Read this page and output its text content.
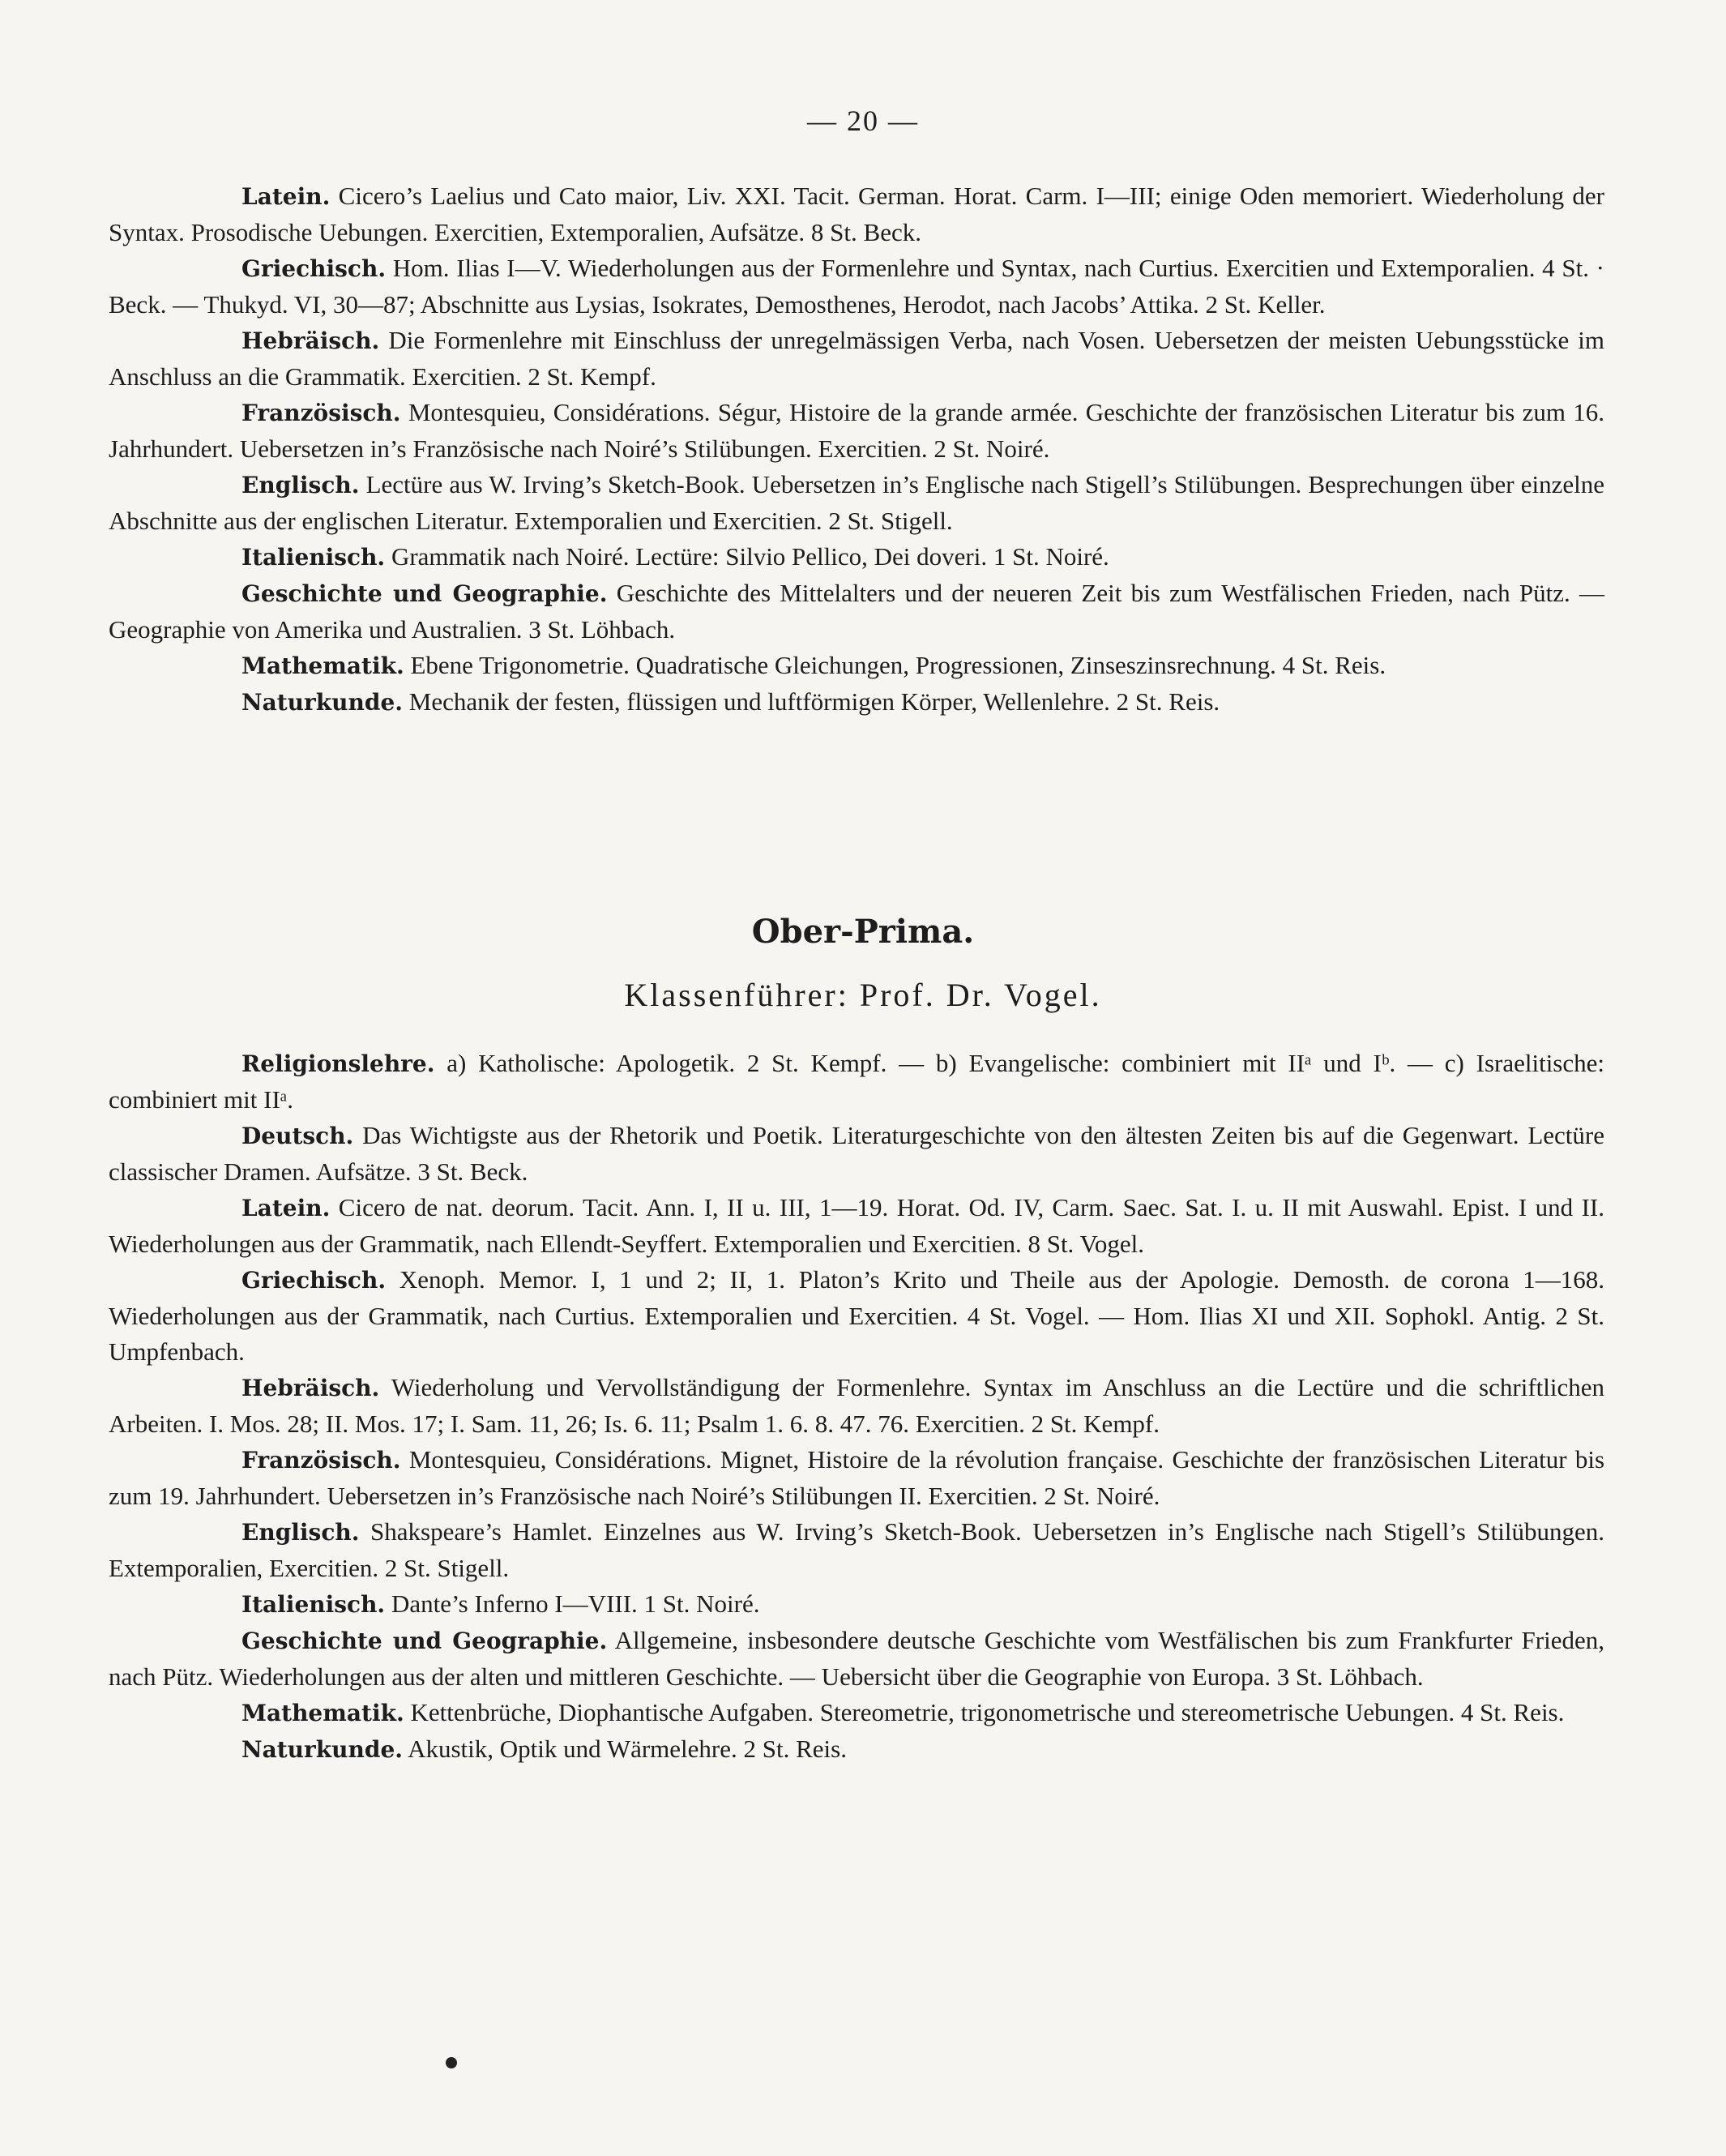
— 20 —

Latein. Cicero’s Laelius und Cato maior, Liv. XXI. Tacit. German. Horat. Carm. I—III; einige Oden memoriert. Wiederholung der Syntax. Prosodische Uebungen. Exercitien, Extemporalien, Aufsätze. 8 St. Beck.

Griechisch. Hom. Ilias I—V. Wiederholungen aus der Formenlehre und Syntax, nach Curtius. Exercitien und Extemporalien. 4 St. · Beck. — Thukyd. VI, 30—87; Abschnitte aus Lysias, Isokrates, Demosthenes, Herodot, nach Jacobs’ Attika. 2 St. Keller.

Hebräisch. Die Formenlehre mit Einschluss der unregelmässigen Verba, nach Vosen. Uebersetzen der meisten Uebungsstücke im Anschluss an die Grammatik. Exercitien. 2 St. Kempf.

Französisch. Montesquieu, Considérations. Ségur, Histoire de la grande armée. Geschichte der französischen Literatur bis zum 16. Jahrhundert. Uebersetzen in’s Französische nach Noiré’s Stilübungen. Exercitien. 2 St. Noiré.

Englisch. Lectüre aus W. Irving’s Sketch-Book. Uebersetzen in’s Englische nach Stigell’s Stilübungen. Besprechungen über einzelne Abschnitte aus der englischen Literatur. Extemporalien und Exercitien. 2 St. Stigell.

Italienisch. Grammatik nach Noiré. Lectüre: Silvio Pellico, Dei doveri. 1 St. Noiré.

Geschichte und Geographie. Geschichte des Mittelalters und der neueren Zeit bis zum Westfälischen Frieden, nach Pütz. — Geographie von Amerika und Australien. 3 St. Löhbach.

Mathematik. Ebene Trigonometrie. Quadratische Gleichungen, Progressionen, Zinseszinsrechnung. 4 St. Reis.

Naturkunde. Mechanik der festen, flüssigen und luftförmigen Körper, Wellenlehre. 2 St. Reis.

Ober-Prima.
Klassenführer: Prof. Dr. Vogel.

Religionslehre. a) Katholische: Apologetik. 2 St. Kempf. — b) Evangelische: combiniert mit IIᵃ und Iᵇ. — c) Israelitische: combiniert mit IIᵃ.

Deutsch. Das Wichtigste aus der Rhetorik und Poetik. Literaturgeschichte von den ältesten Zeiten bis auf die Gegenwart. Lectüre classischer Dramen. Aufsätze. 3 St. Beck.

Latein. Cicero de nat. deorum. Tacit. Ann. I, II u. III, 1—19. Horat. Od. IV, Carm. Saec. Sat. I. u. II mit Auswahl. Epist. I und II. Wiederholungen aus der Grammatik, nach Ellendt-Seyffert. Extemporalien und Exercitien. 8 St. Vogel.

Griechisch. Xenoph. Memor. I, 1 und 2; II, 1. Platon’s Krito und Theile aus der Apologie. Demosth. de corona 1—168. Wiederholungen aus der Grammatik, nach Curtius. Extemporalien und Exercitien. 4 St. Vogel. — Hom. Ilias XI und XII. Sophokl. Antig. 2 St. Umpfenbach.

Hebräisch. Wiederholung und Vervollständigung der Formenlehre. Syntax im Anschluss an die Lectüre und die schriftlichen Arbeiten. I. Mos. 28; II. Mos. 17; I. Sam. 11, 26; Is. 6. 11; Psalm 1. 6. 8. 47. 76. Exercitien. 2 St. Kempf.

Französisch. Montesquieu, Considérations. Mignet, Histoire de la révolution française. Geschichte der französischen Literatur bis zum 19. Jahrhundert. Uebersetzen in’s Französische nach Noiré’s Stilübungen II. Exercitien. 2 St. Noiré.

Englisch. Shakspeare’s Hamlet. Einzelnes aus W. Irving’s Sketch-Book. Uebersetzen in’s Englische nach Stigell’s Stilübungen. Extemporalien, Exercitien. 2 St. Stigell.

Italienisch. Dante’s Inferno I—VIII. 1 St. Noiré.

Geschichte und Geographie. Allgemeine, insbesondere deutsche Geschichte vom Westfälischen bis zum Frankfurter Frieden, nach Pütz. Wiederholungen aus der alten und mittleren Geschichte. — Uebersicht über die Geographie von Europa. 3 St. Löhbach.

Mathematik. Kettenbrüche, Diophantische Aufgaben. Stereometrie, trigonometrische und stereometrische Uebungen. 4 St. Reis.

Naturkunde. Akustik, Optik und Wärmelehre. 2 St. Reis.
